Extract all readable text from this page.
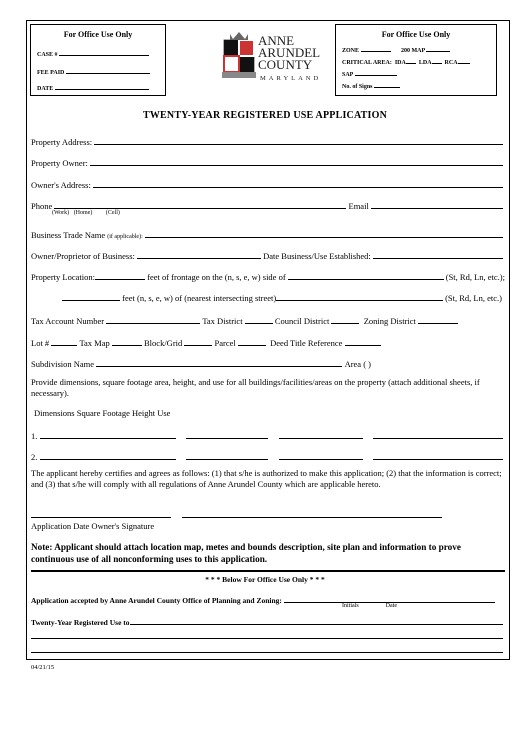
For Office Use Only
CASE #
FEE PAID
DATE
ANNE
ARUNDEL
COUNTY
MARYLAND
For Office Use Only
ZONE	200 MAP
CRITICAL AREA: IDA LDA RCA
SAP
No. of Signs
TWENTY-YEAR REGISTERED USE APPLICATION
Property Address:

Property Owner:

Owner's Address:

Phone

	Email

(Work)
(Home)
(Cell)
Business Trade Name
(if applicable):

Owner/Proprietor of Business:

	Date Business/Use Established:

Property Location:
	feet of frontage on the (n, s, e, w) side of

	(St, Rd, Ln, etc.);

feet (n, s, e, w) of (nearest intersecting street)
	(St, Rd, Ln, etc.)
Tax Account Number

	Tax District

	Council District

	Zoning District

Lot #

	Tax Map

	Block/Grid

	Parcel

	Deed Title Reference

Subdivision Name

	Area ( )
Provide dimensions, square footage area, height, and use for all buildings/facilities/areas on the property (attach additional sheets, if necessary).
Dimensions Square Footage Height Use
1.

2.

The applicant hereby certifies and agrees as follows: (1) that s/he is authorized to make this application; (2) that the information is correct; and (3) that s/he will comply with all regulations of Anne Arundel County which are applicable hereto.
Application Date Owner's Signature
Note: Applicant should attach location map, metes and bounds description, site plan and information to prove continuous use of all nonconforming uses to this application.
* * * Below For Office Use Only * * *
Application accepted by Anne Arundel County Office of Planning and Zoning:

Initials
	Date
Twenty-Year Registered Use to
04/21/15
